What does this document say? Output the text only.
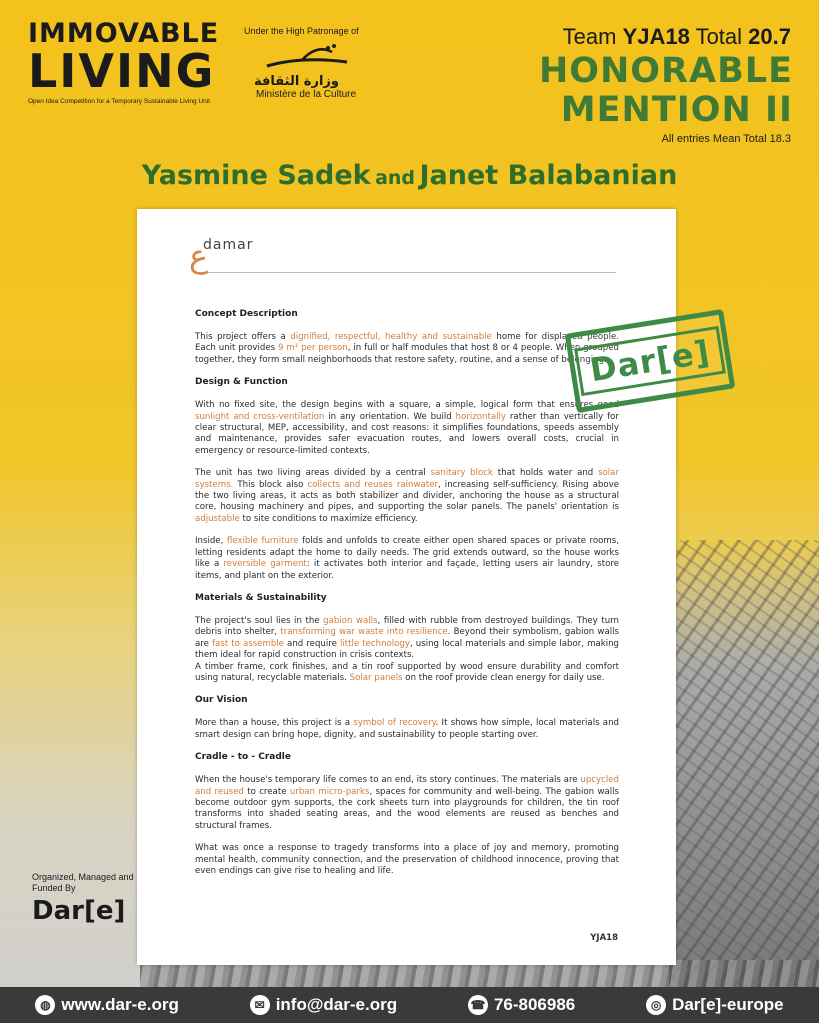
IMMOVABLE
LIVING
Open Idea Competition for a Temporary Sustainable Living Unit
Under the High Patronage of
وزارة الثقافة
Ministère de la Culture
Team YJA18 Total 20.7
HONORABLE
MENTION II
All entries Mean Total 18.3
Yasmine Sadek and Janet Balabanian
ع
damar
Concept Description

This project offers a dignified, respectful, healthy and sustainable home for displaced people. Each unit provides 9 m² per person, in full or half modules that host 8 or 4 people. When grouped together, they form small neighborhoods that restore safety, routine, and a sense of belonging.

Design & Function

With no fixed site, the design begins with a square, a simple, logical form that ensures good sunlight and cross-ventilation in any orientation. We build horizontally rather than vertically for clear structural, MEP, accessibility, and cost reasons: it simplifies foundations, speeds assembly and maintenance, provides safer evacuation routes, and lowers overall costs, crucial in emergency or resource-limited contexts.

The unit has two living areas divided by a central sanitary block that holds water and solar systems. This block also collects and reuses rainwater, increasing self-sufficiency. Rising above the two living areas, it acts as both stabilizer and divider, anchoring the house as a structural core, housing machinery and pipes, and supporting the solar panels. The panels' orientation is adjustable to site conditions to maximize efficiency.

Inside, flexible furniture folds and unfolds to create either open shared spaces or private rooms, letting residents adapt the home to daily needs. The grid extends outward, so the house works like a reversible garment: it activates both interior and façade, letting users air laundry, store items, and plant on the exterior.

Materials & Sustainability

The project's soul lies in the gabion walls, filled with rubble from destroyed buildings. They turn debris into shelter, transforming war waste into resilience. Beyond their symbolism, gabion walls are fast to assemble and require little technology, using local materials and simple labor, making them ideal for rapid construction in crisis contexts.

A timber frame, cork finishes, and a tin roof supported by wood ensure durability and comfort using natural, recyclable materials. Solar panels on the roof provide clean energy for daily use.

Our Vision

More than a house, this project is a symbol of recovery. It shows how simple, local materials and smart design can bring hope, dignity, and sustainability to people starting over.

Cradle - to - Cradle

When the house's temporary life comes to an end, its story continues. The materials are upcycled and reused to create urban micro-parks, spaces for community and well-being. The gabion walls become outdoor gym supports, the cork sheets turn into playgrounds for children, the tin roof transforms into shaded seating areas, and the wood elements are reused as benches and structural frames.

What was once a response to tragedy transforms into a place of joy and memory, promoting mental health, community connection, and the preservation of childhood innocence, proving that even endings can give rise to healing and life.

YJA18
Dar[e]
Organized, Managed and Funded By
Dar[e]
◍ www.dar-e.org	✉ info@dar-e.org	☎ 76-806986	◎ Dar[e]-europe
